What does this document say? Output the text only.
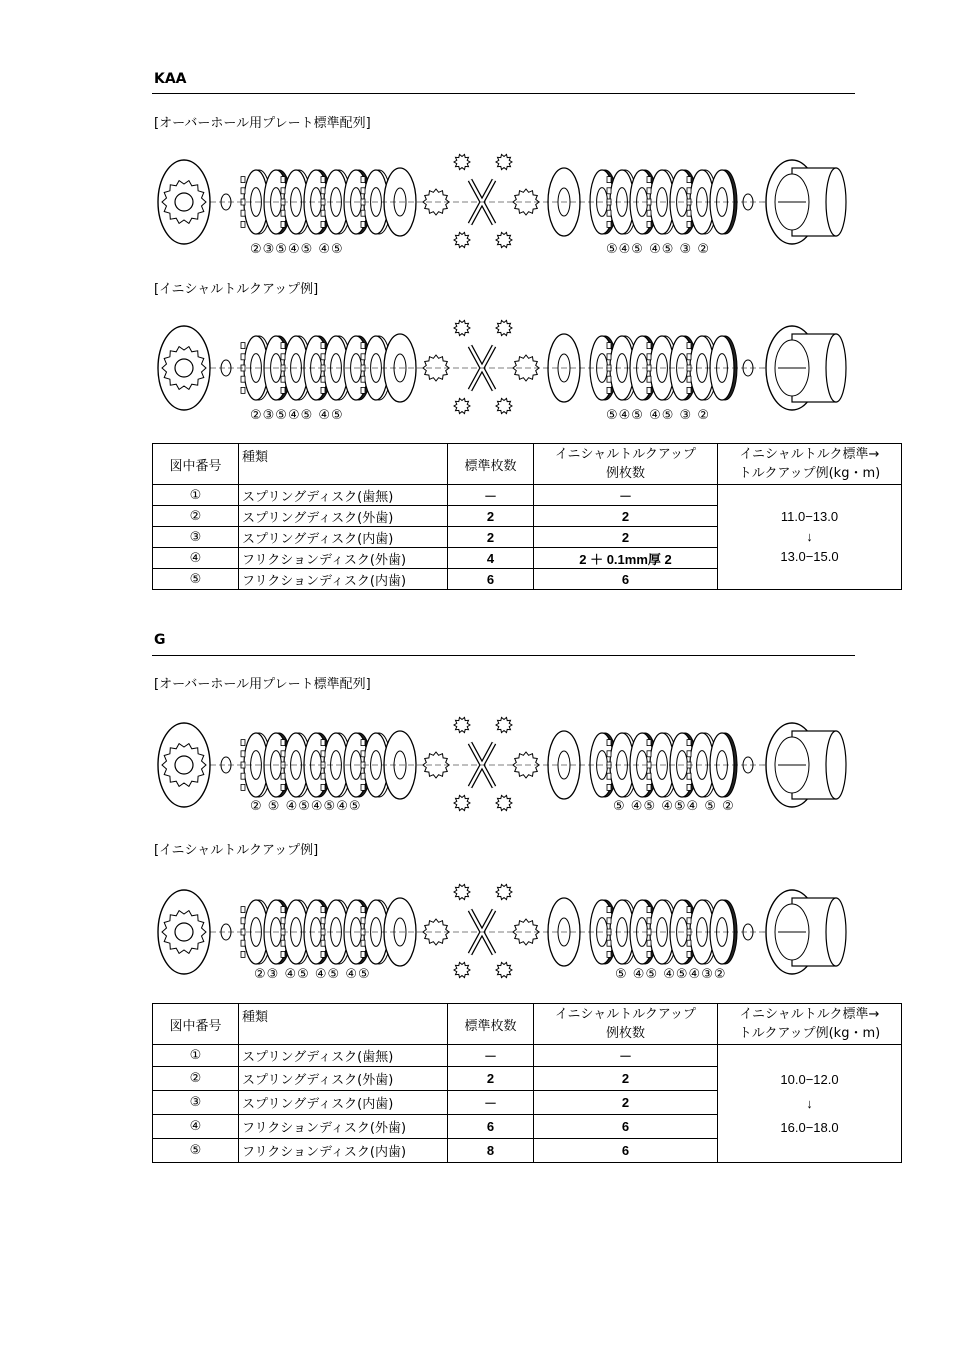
KAA
[オーバーホール用プレート標準配列]
②③⑤④⑤ ④⑤	⑤④⑤ ④⑤ ③ ②
[イニシャルトルクアップ例]
②③⑤④⑤ ④⑤	⑤④⑤ ④⑤ ③ ②
図中番号	種類	標準枚数	イニシャルトルクアップ
例枚数	イニシャルトルク標準→
トルクアップ例(kg・m)
①	スプリングディスク(歯無)	－	－	11.0−13.0
↓
13.0−15.0
②	スプリングディスク(外歯)	2	2	
③	スプリングディスク(内歯)	2	2	
④	フリクションディスク(外歯)	4	2 ＋ 0.1mm厚 2	
⑤	フリクションディスク(内歯)	6	6	
G
[オーバーホール用プレート標準配列]
② ⑤ ④⑤④⑤④⑤	⑤ ④⑤ ④⑤④ ⑤ ②
[イニシャルトルクアップ例]
②③ ④⑤ ④⑤ ④⑤	⑤ ④⑤ ④⑤④③②
図中番号	種類	標準枚数	イニシャルトルクアップ
例枚数	イニシャルトルク標準→
トルクアップ例(kg・m)
①	スプリングディスク(歯無)	－	－	10.0−12.0
↓
16.0−18.0
②	スプリングディスク(外歯)	2	2	
③	スプリングディスク(内歯)	－	2	
④	フリクションディスク(外歯)	6	6	
⑤	フリクションディスク(内歯)	8	6	
